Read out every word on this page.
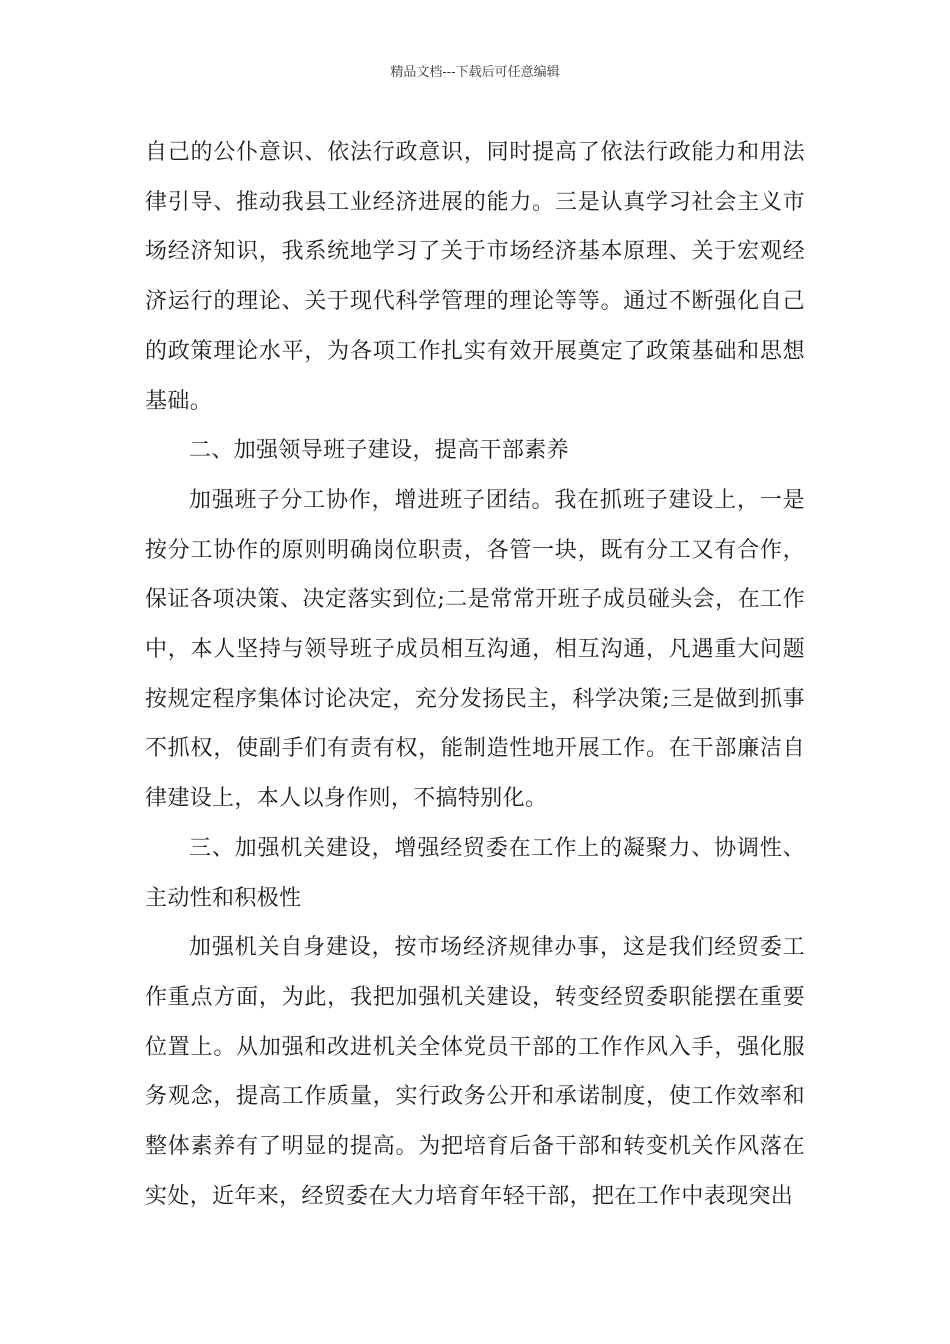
精品文档---下载后可任意编辑

自己的公仆意识、依法行政意识，同时提高了依法行政能力和用法律引导、推动我县工业经济进展的能力。三是认真学习社会主义市场经济知识，我系统地学习了关于市场经济基本原理、关于宏观经济运行的理论、关于现代科学管理的理论等等。通过不断强化自己的政策理论水平，为各项工作扎实有效开展奠定了政策基础和思想基础。

二、加强领导班子建设，提高干部素养

加强班子分工协作，增进班子团结。我在抓班子建设上，一是按分工协作的原则明确岗位职责，各管一块，既有分工又有合作，保证各项决策、决定落实到位;二是常常开班子成员碰头会，在工作中，本人坚持与领导班子成员相互沟通，相互沟通，凡遇重大问题按规定程序集体讨论决定，充分发扬民主，科学决策;三是做到抓事不抓权，使副手们有责有权，能制造性地开展工作。在干部廉洁自律建设上，本人以身作则，不搞特别化。

三、加强机关建设，增强经贸委在工作上的凝聚力、协调性、主动性和积极性

加强机关自身建设，按市场经济规律办事，这是我们经贸委工作重点方面，为此，我把加强机关建设，转变经贸委职能摆在重要位置上。从加强和改进机关全体党员干部的工作作风入手，强化服务观念，提高工作质量，实行政务公开和承诺制度，使工作效率和整体素养有了明显的提高。为把培育后备干部和转变机关作风落在实处，近年来，经贸委在大力培育年轻干部，把在工作中表现突出
